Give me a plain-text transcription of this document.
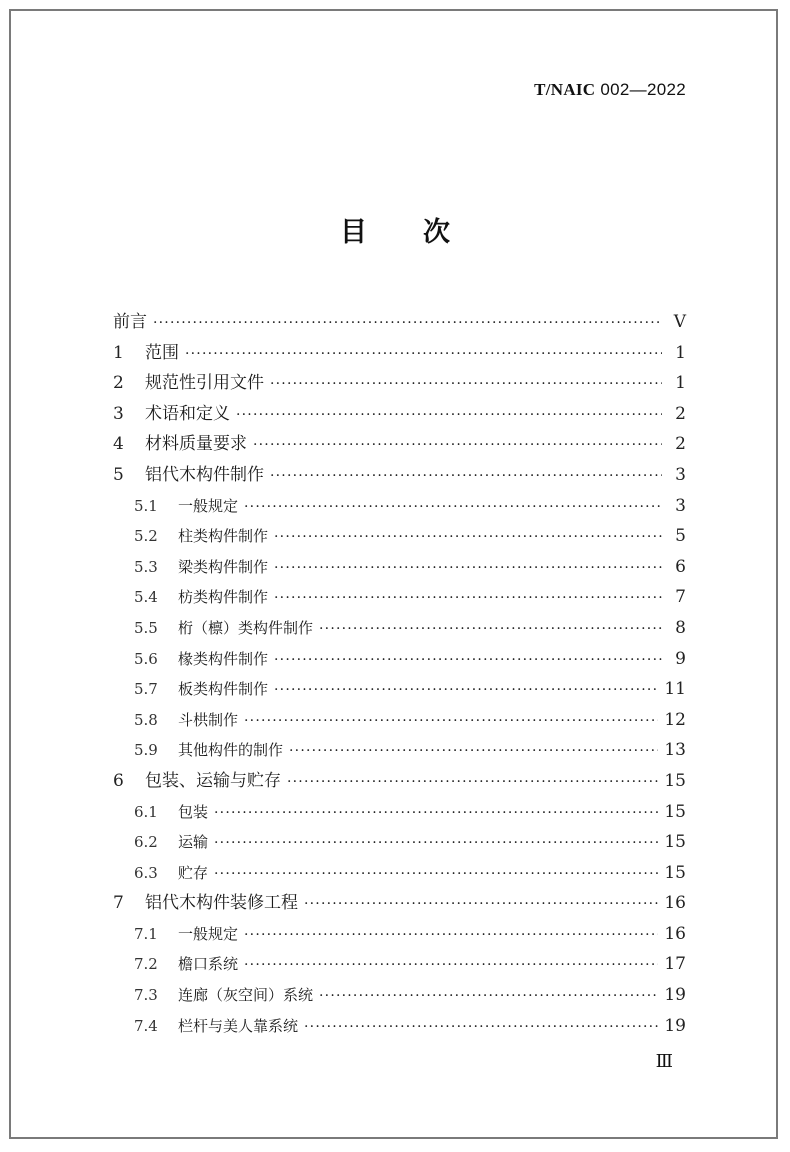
T/NAIC 002—2022
目次
前言 ·····	Ⅴ
1	范围 ·····	1
2	规范性引用文件 ·····	1
3	术语和定义 ·····	2
4	材料质量要求 ·····	2
5	铝代木构件制作 ·····	3
5.1	一般规定 ·····	3
5.2	柱类构件制作 ·····	5
5.3	梁类构件制作 ·····	6
5.4	枋类构件制作 ·····	7
5.5	桁（檩）类构件制作 ·····	8
5.6	椽类构件制作 ·····	9
5.7	板类构件制作 ·····	11
5.8	斗栱制作 ·····	12
5.9	其他构件的制作 ·····	13
6	包装、运输与贮存 ·····	15
6.1	包装 ·····	15
6.2	运输 ·····	15
6.3	贮存 ·····	15
7	铝代木构件装修工程 ·····	16
7.1	一般规定 ·····	16
7.2	檐口系统 ·····	17
7.3	连廊（灰空间）系统 ·····	19
7.4	栏杆与美人靠系统 ·····	19
Ⅲ
